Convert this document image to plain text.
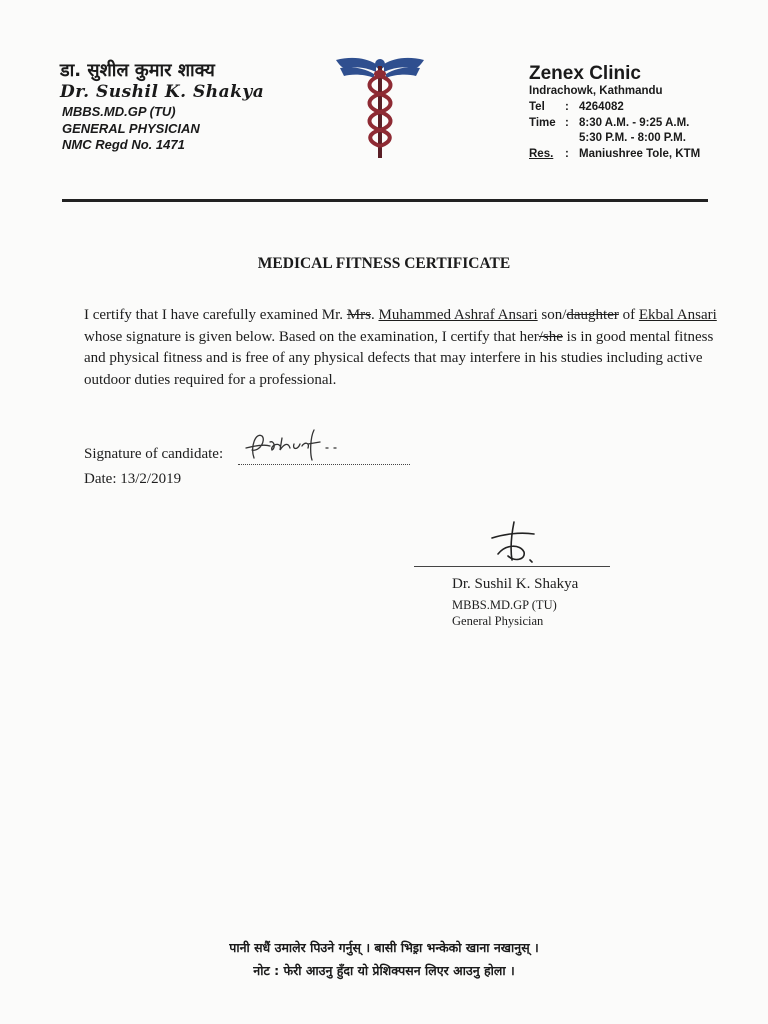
डा. सुशील कुमार शाक्य
Dr. Sushil K. Shakya
MBBS.MD.GP (TU)
GENERAL PHYSICIAN
NMC Regd No. 1471
Zenex Clinic
Indrachowk, Kathmandu
Tel : 4264082
Time : 8:30 A.M. - 9:25 A.M.
5:30 P.M. - 8:00 P.M.
Res. : Maniushree Tole, KTM
MEDICAL FITNESS CERTIFICATE
I certify that I have carefully examined Mr. Mrs. Muhammed Ashraf Ansari son/daughter of Ekbal Ansari whose signature is given below. Based on the examination, I certify that her/she is in good mental fitness and physical fitness and is free of any physical defects that may interfere in his studies including active outdoor duties required for a professional.
Signature of candidate:
Date: 13/2/2019
Dr. Sushil K. Shakya
MBBS.MD.GP (TU)
General Physician
पानी सधैं उमालेर पिउने गर्नुस् । बासी भिइ़ा भन्केको खाना नखानुस् ।
नोट : फेरी आउनु हुँदा यो प्रेशिक्पसन लिएर आउनु होला ।
